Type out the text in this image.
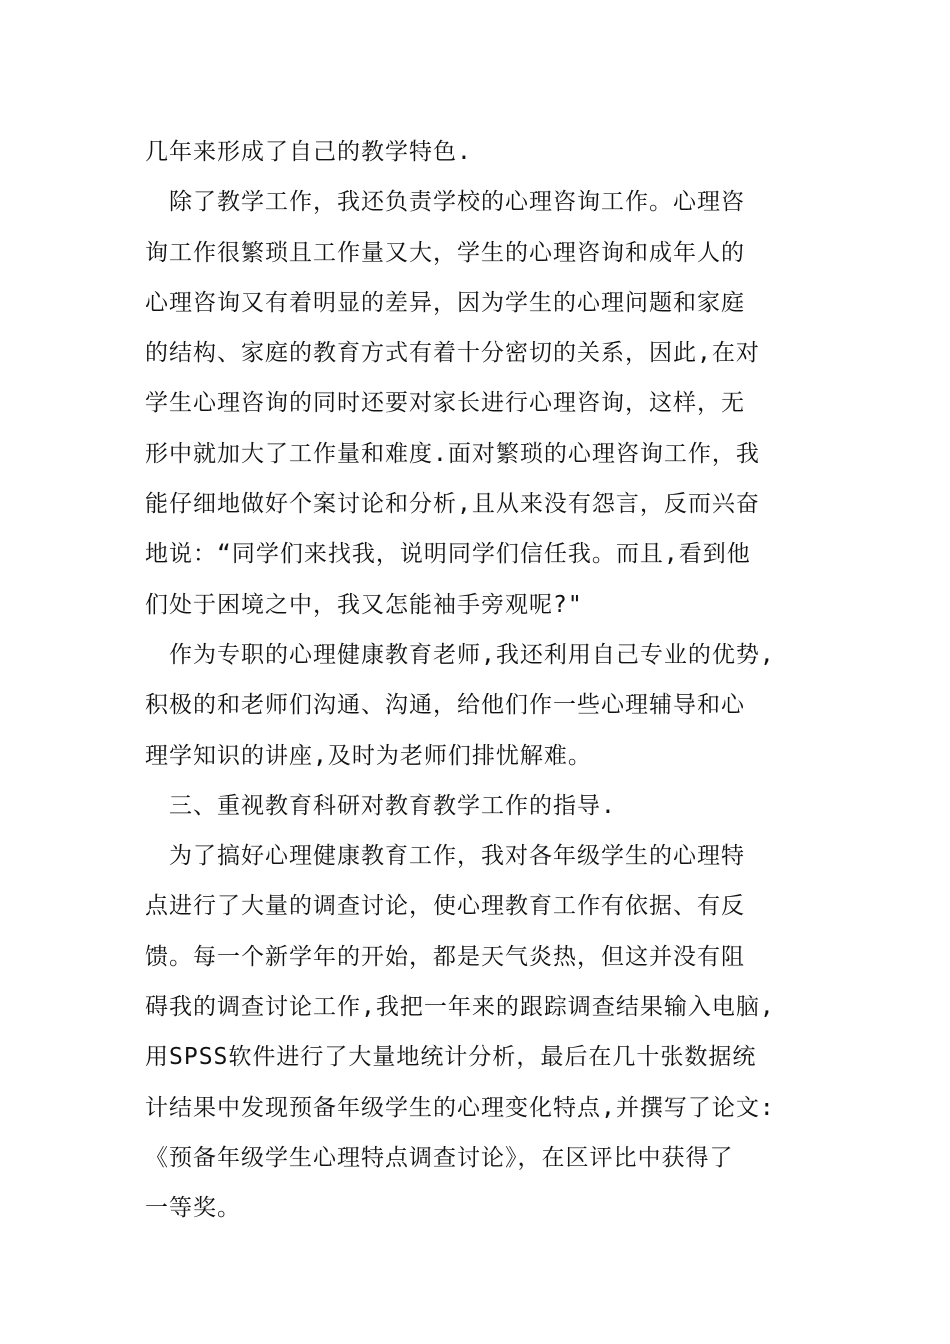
几年来形成了自己的教学特色.
　除了教学工作，我还负责学校的心理咨询工作。心理咨
询工作很繁琐且工作量又大，学生的心理咨询和成年人的
心理咨询又有着明显的差异，因为学生的心理问题和家庭
的结构、家庭的教育方式有着十分密切的关系，因此,在对
学生心理咨询的同时还要对家长进行心理咨询，这样，无
形中就加大了工作量和难度.面对繁琐的心理咨询工作，我
能仔细地做好个案讨论和分析,且从来没有怨言，反而兴奋
地说：“同学们来找我，说明同学们信任我。而且,看到他
们处于困境之中，我又怎能袖手旁观呢?"
　作为专职的心理健康教育老师,我还利用自己专业的优势,
积极的和老师们沟通、沟通，给他们作一些心理辅导和心
理学知识的讲座,及时为老师们排忧解难。
　三、重视教育科研对教育教学工作的指导.
　为了搞好心理健康教育工作，我对各年级学生的心理特
点进行了大量的调查讨论，使心理教育工作有依据、有反
馈。每一个新学年的开始，都是天气炎热，但这并没有阻
碍我的调查讨论工作,我把一年来的跟踪调查结果输入电脑,
用SPSS软件进行了大量地统计分析，最后在几十张数据统
计结果中发现预备年级学生的心理变化特点,并撰写了论文:
《预备年级学生心理特点调查讨论》，在区评比中获得了
一等奖。
